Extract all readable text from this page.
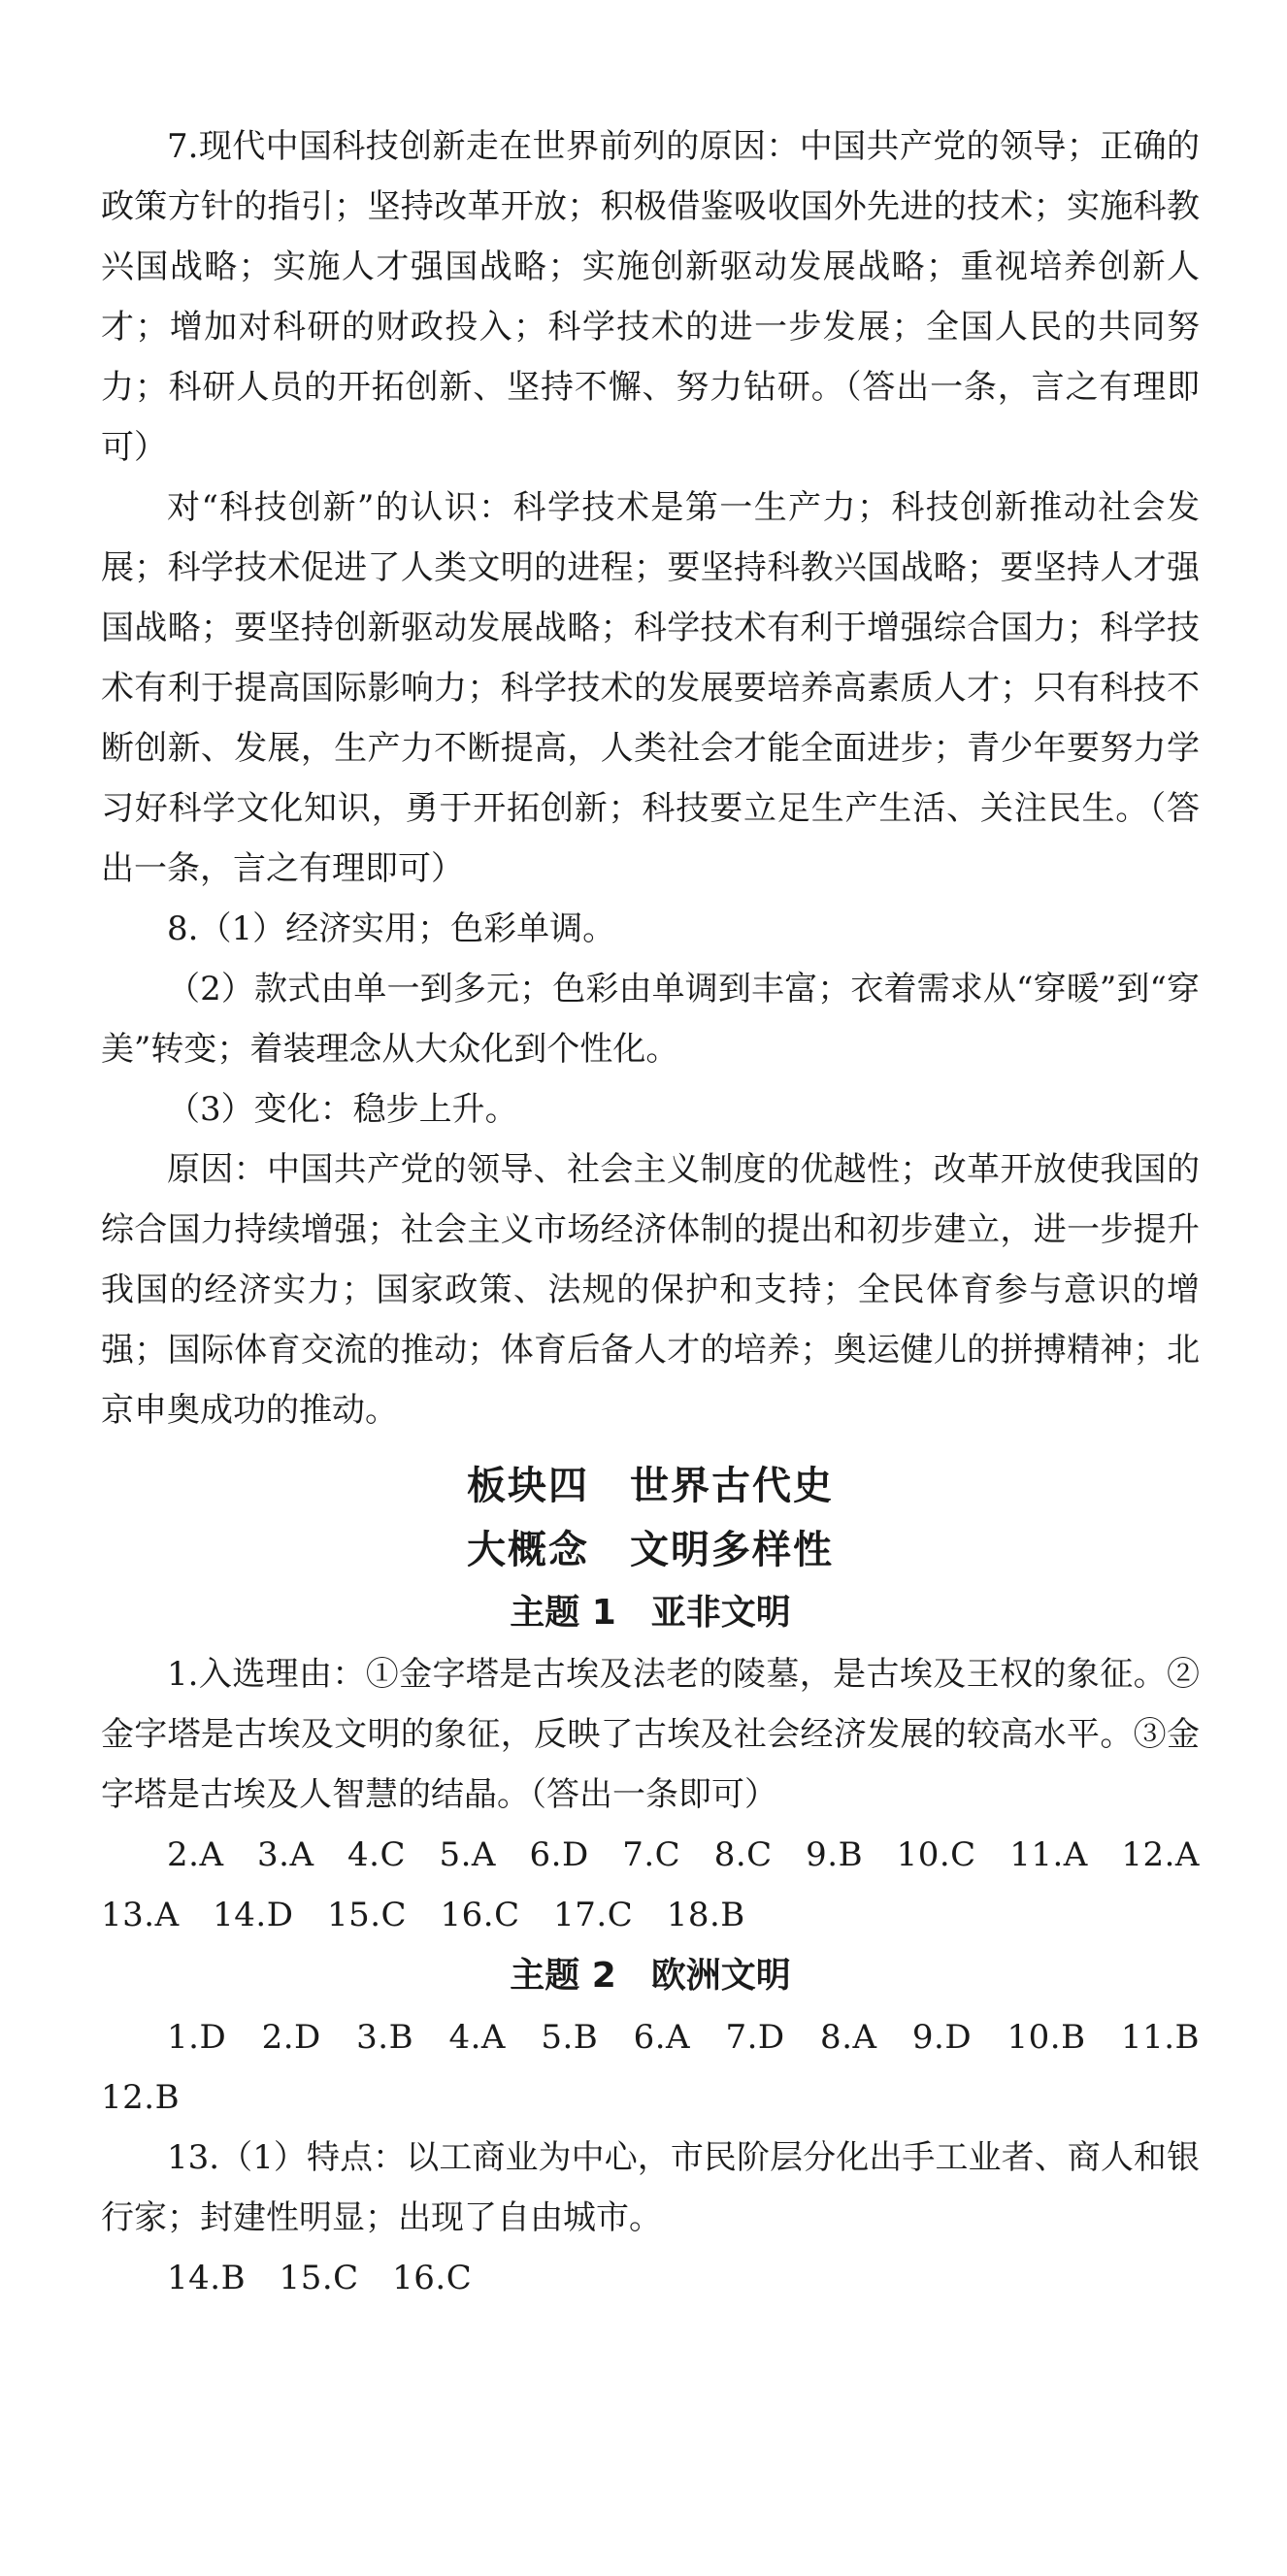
7.现代中国科技创新走在世界前列的原因：中国共产党的领导；正确的政策方针的指引；坚持改革开放；积极借鉴吸收国外先进的技术；实施科教兴国战略；实施人才强国战略；实施创新驱动发展战略；重视培养创新人才；增加对科研的财政投入；科学技术的进一步发展；全国人民的共同努力；科研人员的开拓创新、坚持不懈、努力钻研。（答出一条，言之有理即可）

对“科技创新”的认识：科学技术是第一生产力；科技创新推动社会发展；科学技术促进了人类文明的进程；要坚持科教兴国战略；要坚持人才强国战略；要坚持创新驱动发展战略；科学技术有利于增强综合国力；科学技术有利于提高国际影响力；科学技术的发展要培养高素质人才；只有科技不断创新、发展，生产力不断提高，人类社会才能全面进步；青少年要努力学习好科学文化知识，勇于开拓创新；科技要立足生产生活、关注民生。（答出一条，言之有理即可）

8.（1）经济实用；色彩单调。

（2）款式由单一到多元；色彩由单调到丰富；衣着需求从“穿暖”到“穿美”转变；着装理念从大众化到个性化。

（3）变化：稳步上升。

原因：中国共产党的领导、社会主义制度的优越性；改革开放使我国的综合国力持续增强；社会主义市场经济体制的提出和初步建立，进一步提升我国的经济实力；国家政策、法规的保护和支持；全民体育参与意识的增强；国际体育交流的推动；体育后备人才的培养；奥运健儿的拼搏精神；北京申奥成功的推动。

板块四　世界古代史
大概念　文明多样性
主题 1　亚非文明

1.入选理由：①金字塔是古埃及法老的陵墓，是古埃及王权的象征。②金字塔是古埃及文明的象征，反映了古埃及社会经济发展的较高水平。③金字塔是古埃及人智慧的结晶。（答出一条即可）

2.A　3.A　4.C　5.A　6.D　7.C　8.C　9.B　10.C　11.A　12.A　13.A　14.D　15.C　16.C　17.C　18.B

主题 2　欧洲文明

1.D　2.D　3.B　4.A　5.B　6.A　7.D　8.A　9.D　10.B　11.B　12.B

13.（1）特点：以工商业为中心，市民阶层分化出手工业者、商人和银行家；封建性明显；出现了自由城市。

14.B　15.C　16.C
